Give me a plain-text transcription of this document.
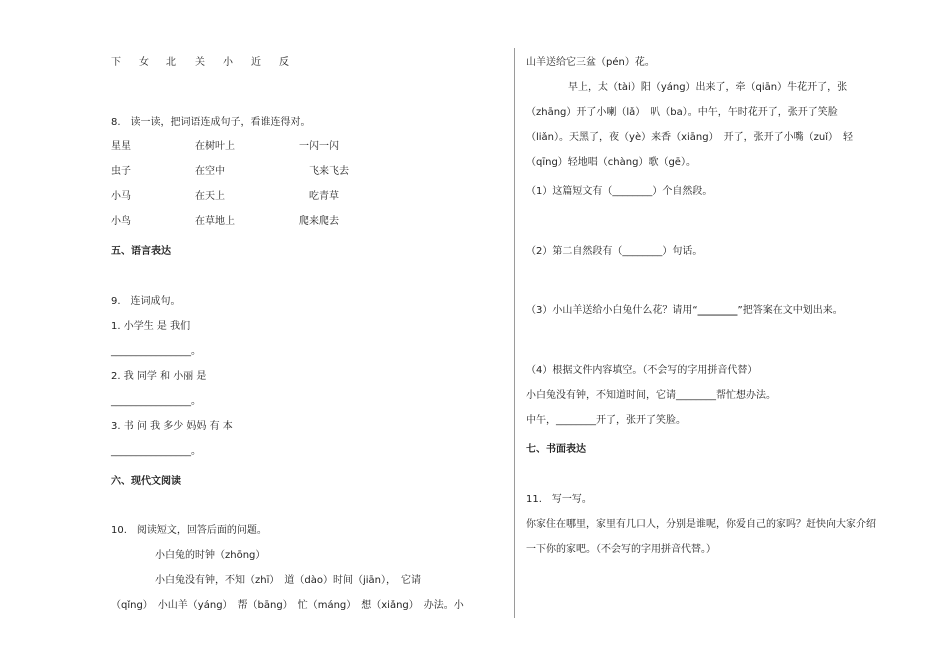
下 女 北 关 小 近 反
8.　读一读，把词语连成句子，看谁连得对。
星星	在树叶上	一闪一闪
虫子	在空中	飞来飞去
小马	在天上	吃青草
小鸟	在草地上	爬来爬去
五、语言表达
9.　连词成句。
1. 小学生 是 我们
________________。
2. 我 同学 和 小丽 是
________________。
3. 书 问 我 多少 妈妈 有 本
________________。
六、现代文阅读
10.　阅读短文，回答后面的问题。
小白兔的时钟（zhōng）
小白兔没有钟，不知（zhī）　道（dào）时间（jiān），　它请
（qǐng）　小山羊（yáng）　帮（bāng）　忙（máng）　想（xiǎng）　办法。小
山羊送给它三盆（pén）花。
早上，太（tài）阳（yáng）出来了，牵（qiān）牛花开了，张
（zhāng）开了小喇（lǎ）　叭（ba）。中午，午时花开了，张开了笑脸
（liǎn）。天黑了，夜（yè）来香（xiāng）　开了，张开了小嘴（zuǐ）　轻
（qīng）轻地唱（chàng）歌（gē）。
（1）这篇短文有（________）个自然段。
（2）第二自然段有（________）句话。
（3）小山羊送给小白兔什么花？请用“________”把答案在文中划出来。
（4）根据文件内容填空。（不会写的字用拼音代替）
小白兔没有钟，不知道时间，它请________帮忙想办法。
中午，________开了，张开了笑脸。
七、书面表达
11.　写一写。
你家住在哪里，家里有几口人，分别是谁呢，你爱自己的家吗？赶快向大家介绍
一下你的家吧。（不会写的字用拼音代替。）
